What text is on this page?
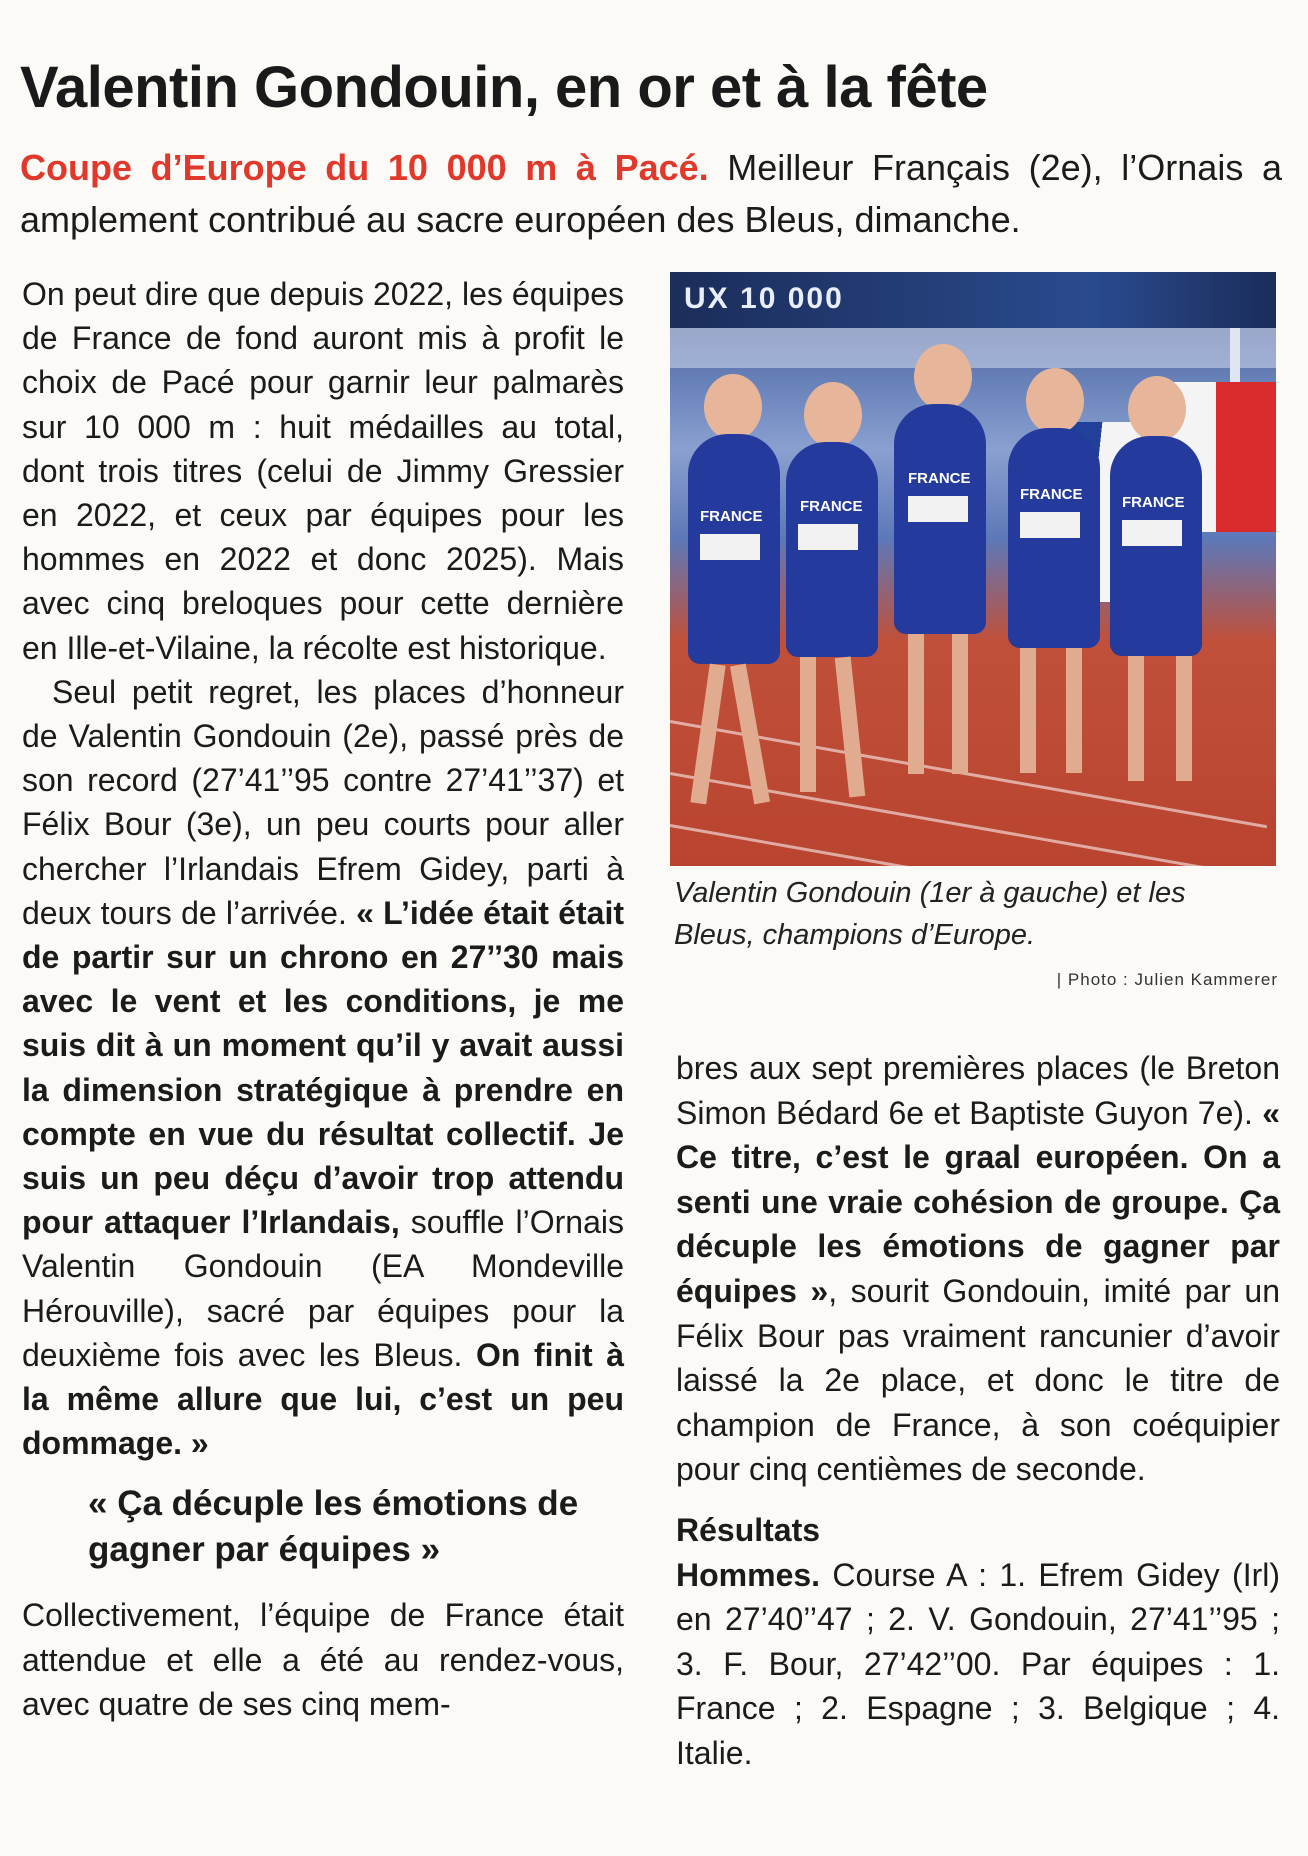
Valentin Gondouin, en or et à la fête

Coupe d’Europe du 10 000 m à Pacé. Meilleur Français (2e), l’Ornais a amplement contribué au sacre européen des Bleus, dimanche.

On peut dire que depuis 2022, les équipes de France de fond auront mis à profit le choix de Pacé pour garnir leur palmarès sur 10 000 m : huit médailles au total, dont trois titres (celui de Jimmy Gressier en 2022, et ceux par équipes pour les hommes en 2022 et donc 2025). Mais avec cinq breloques pour cette dernière en Ille-et-Vilaine, la récolte est historique.

Seul petit regret, les places d’honneur de Valentin Gondouin (2e), passé près de son record (27’41’’95 contre 27’41’’37) et Félix Bour (3e), un peu courts pour aller chercher l’Irlandais Efrem Gidey, parti à deux tours de l’arrivée. « L’idée était était de partir sur un chrono en 27’’30 mais avec le vent et les conditions, je me suis dit à un moment qu’il y avait aussi la dimension stratégique à prendre en compte en vue du résultat collectif. Je suis un peu déçu d’avoir trop attendu pour attaquer l’Irlandais, souffle l’Ornais Valentin Gondouin (EA Mondeville Hérouville), sacré par équipes pour la deuxième fois avec les Bleus. On finit à la même allure que lui, c’est un peu dommage. »

« Ça décuple les émotions de gagner par équipes »

Collectivement, l’équipe de France était attendue et elle a été au rendez-vous, avec quatre de ses cinq mem-

UX 10 000
FRANCE
FRANCE
FRANCE
FRANCE	FRANCE
Valentin Gondouin (1er à gauche) et les Bleus, champions d’Europe.
| Photo : Julien Kammerer

bres aux sept premières places (le Breton Simon Bédard 6e et Baptiste Guyon 7e). « Ce titre, c’est le graal européen. On a senti une vraie cohésion de groupe. Ça décuple les émotions de gagner par équipes », sourit Gondouin, imité par un Félix Bour pas vraiment rancunier d’avoir laissé la 2e place, et donc le titre de champion de France, à son coéquipier pour cinq centièmes de seconde.

Résultats

Hommes. Course A : 1. Efrem Gidey (Irl) en 27’40’’47 ; 2. V. Gondouin, 27’41’’95 ; 3. F. Bour, 27’42’’00. Par équipes : 1. France ; 2. Espagne ; 3. Belgique ; 4. Italie.
